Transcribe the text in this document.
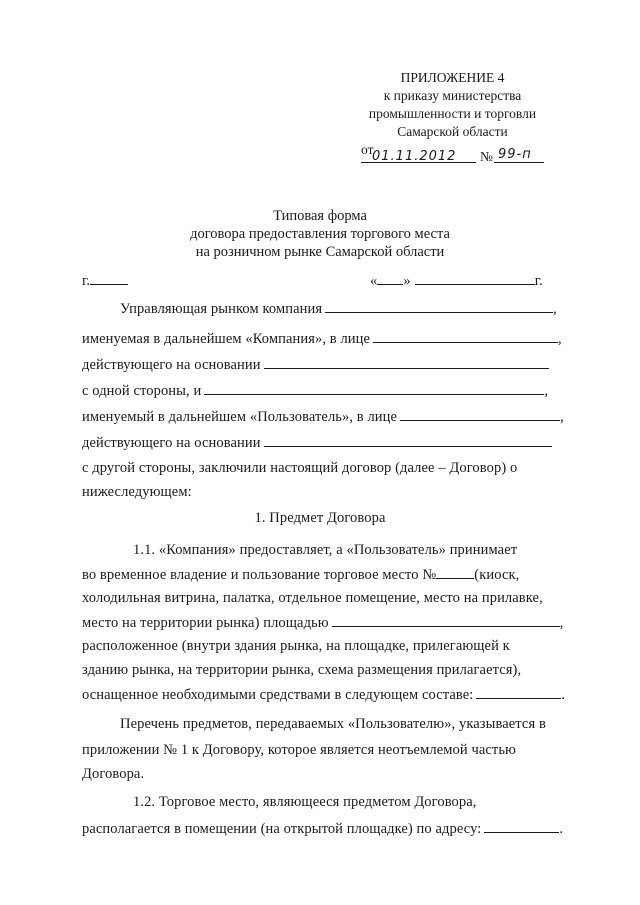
ПРИЛОЖЕНИЕ 4
к приказу министерства
промышленности и торговли
Самарской области
от
01.11.2012 № 99-п
Типовая форма
договора предоставления торгового места
на розничном рынке Самарской области
г.	« »	г.
Управляющая рынком компания	,
именуемая в дальнейшем «Компания», в лице	,
действующего на основании
с одной стороны, и	,
именуемый в дальнейшем «Пользователь», в лице	,
действующего на основании
с другой стороны, заключили настоящий договор (далее – Договор) о
нижеследующем:
1. Предмет Договора
1.1. «Компания» предоставляет, а «Пользователь» принимает
во временное владение и пользование торговое место №	(киоск,
холодильная витрина, палатка, отдельное помещение, место на прилавке,
место на территории рынка) площадью	,
расположенное (внутри здания рынка, на площадке, прилегающей к
зданию рынка, на территории рынка, схема размещения прилагается),
оснащенное необходимыми средствами в следующем составе:	.
Перечень предметов, передаваемых «Пользователю», указывается в
приложении № 1 к Договору, которое является неотъемлемой частью
Договора.
1.2. Торговое место, являющееся предметом Договора,
располагается в помещении (на открытой площадке) по адресу:	.
